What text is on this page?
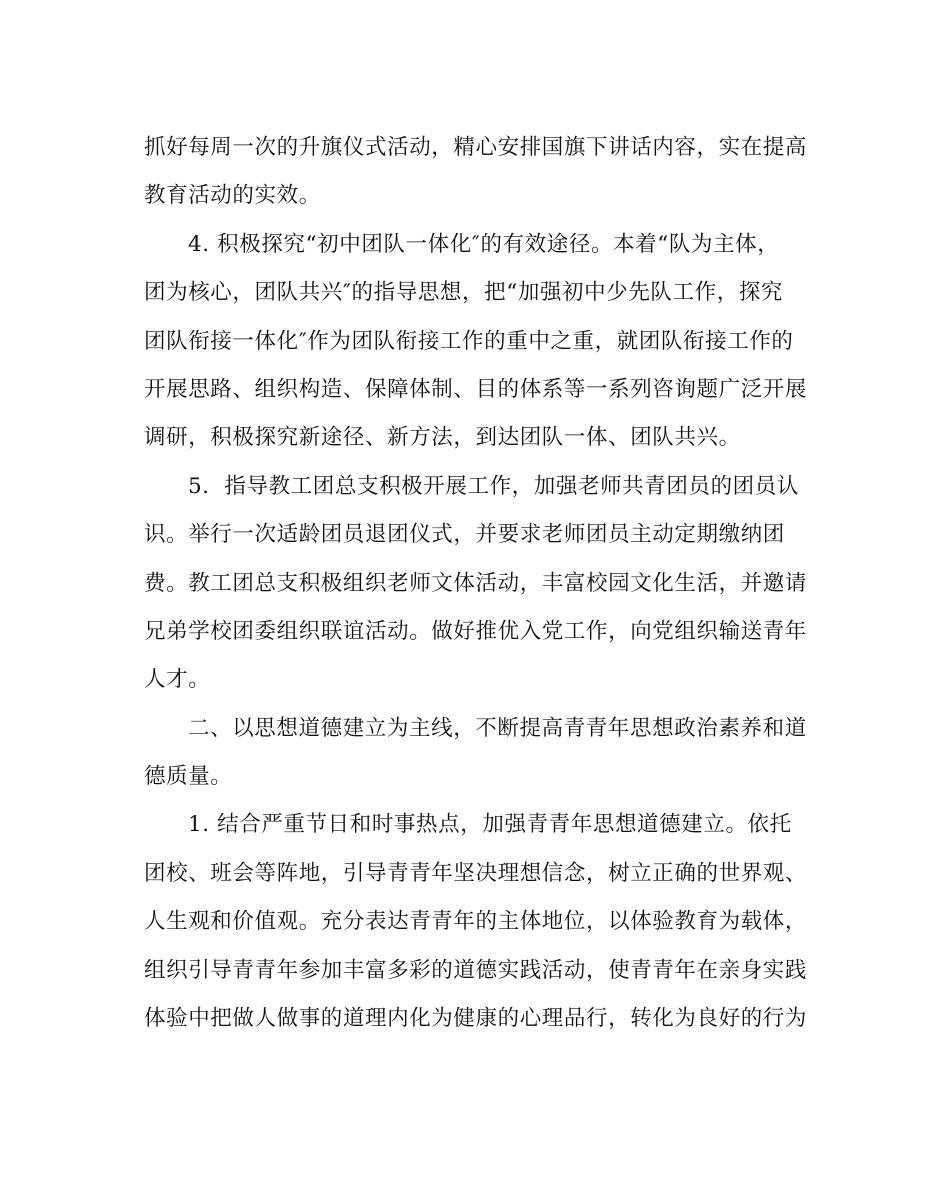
抓好每周一次的升旗仪式活动，精心安排国旗下讲话内容，实在提高
教育活动的实效。
4. 积极探究“初中团队一体化″的有效途径。本着“队为主体，
团为核心，团队共兴″的指导思想，把“加强初中少先队工作，探究
团队衔接一体化″作为团队衔接工作的重中之重，就团队衔接工作的
开展思路、组织构造、保障体制、目的体系等一系列咨询题广泛开展
调研，积极探究新途径、新方法，到达团队一体、团队共兴。
5．指导教工团总支积极开展工作，加强老师共青团员的团员认
识。举行一次适龄团员退团仪式，并要求老师团员主动定期缴纳团
费。教工团总支积极组织老师文体活动，丰富校园文化生活，并邀请
兄弟学校团委组织联谊活动。做好推优入党工作，向党组织输送青年
人才。
二、以思想道德建立为主线，不断提高青青年思想政治素养和道
德质量。
1. 结合严重节日和时事热点，加强青青年思想道德建立。依托
团校、班会等阵地，引导青青年坚决理想信念，树立正确的世界观、
人生观和价值观。充分表达青青年的主体地位，以体验教育为载体，
组织引导青青年参加丰富多彩的道德实践活动，使青青年在亲身实践
体验中把做人做事的道理内化为健康的心理品行，转化为良好的行为
